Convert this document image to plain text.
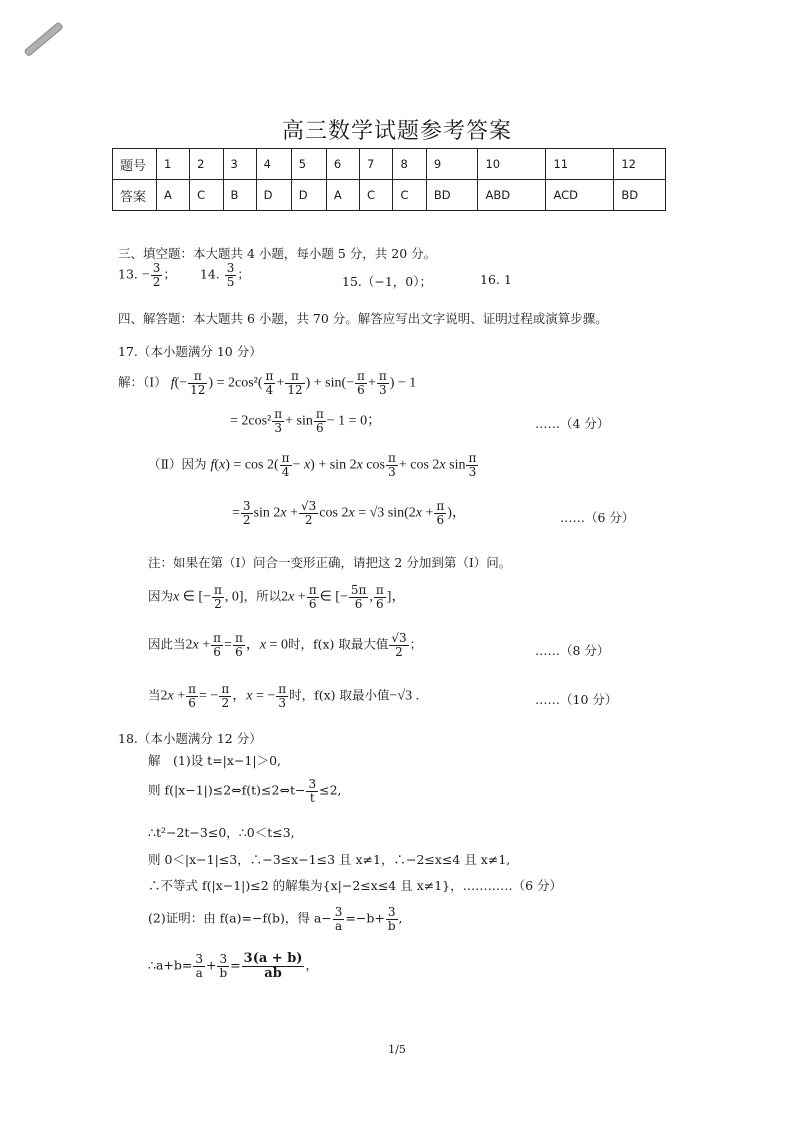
高三数学试题参考答案
题号	1	2	3	4	5	6	7	8	9	10	11	12
答案	A	C	B	D	D	A	C	C	BD	ABD	ACD	BD
三、填空题：本大题共 4 小题，每小题 5 分，共 20 分。
13. − $\frac{3}{2}$ ；  14. $\frac{3}{5}$ ；	15.（−1，0）；	16. 1
四、解答题：本大题共 6 小题，共 70 分。解答应写出文字说明、证明过程或演算步骤。
17.（本小题满分 10 分）
解：（Ⅰ） $f(- \frac{\pi}{12}$ ) = $2\cos^2( \frac{\pi}{4} + \frac{\pi}{12}$ ) + $\sin(- \frac{\pi}{6} + \frac{\pi}{3}$ ) − 1
= $2\cos^2 \frac{\pi}{3} + \sin \frac{\pi}{6} - 1 = 0$；	……（4 分）
（Ⅱ）因为 $f(x) = \cos 2( \frac{\pi}{4} - x) + \sin 2x$ $\cos \frac{\pi}{3} + \cos 2x$ $\sin \frac{\pi}{3}$
= $\frac{3}{2}$ $\sin 2x + \frac{√3}{2}$ cos 2x = √3 $\sin(2x + \frac{\pi}{6}$ )，	……（6 分）
注：如果在第（Ⅰ）问合一变形正确，请把这 2 分加到第（Ⅰ）问。
因为x ∈ [− $\frac{\pi}{2}$ , 0]，所以$2x + \frac{\pi}{6}$ ∈ [− $\frac{5\pi}{6}$ , $\frac{\pi}{6}$ ]，
因此当$2x + \frac{\pi}{6} = \frac{\pi}{6}$ ，x = 0时，f(x) 取最大值 $\frac{√3}{2}$ ；	……（8 分）
当$2x + \frac{\pi}{6}$ = − $\frac{\pi}{2}$ ，x = − $\frac{\pi}{3}$ 时，f(x) 取最小值−√3 .	……（10 分）
18.（本小题满分 12 分）
解　(1)设 t=|x−1|＞0,
则 f(|x−1|)≤2⇔f(t)≤2⇔t− $\frac{3}{t} \le 2$,
∴t²−2t−3≤0，∴0＜t≤3,
则 0＜|x−1|≤3，∴−3≤x−1≤3 且 x≠1，∴−2≤x≤4 且 x≠1,
∴不等式 f(|x−1|)≤2 的解集为{x|−2≤x≤4 且 x≠1}，…………（6 分）
(2)证明：由 f(a)=−f(b)，得 $a- \frac{3}{a} =-b+ \frac{3}{b}$ ,
∴a+b= $\frac{3}{a} + \frac{3}{b} = \frac{3(a + b)}{ab}$ ，
1/5
